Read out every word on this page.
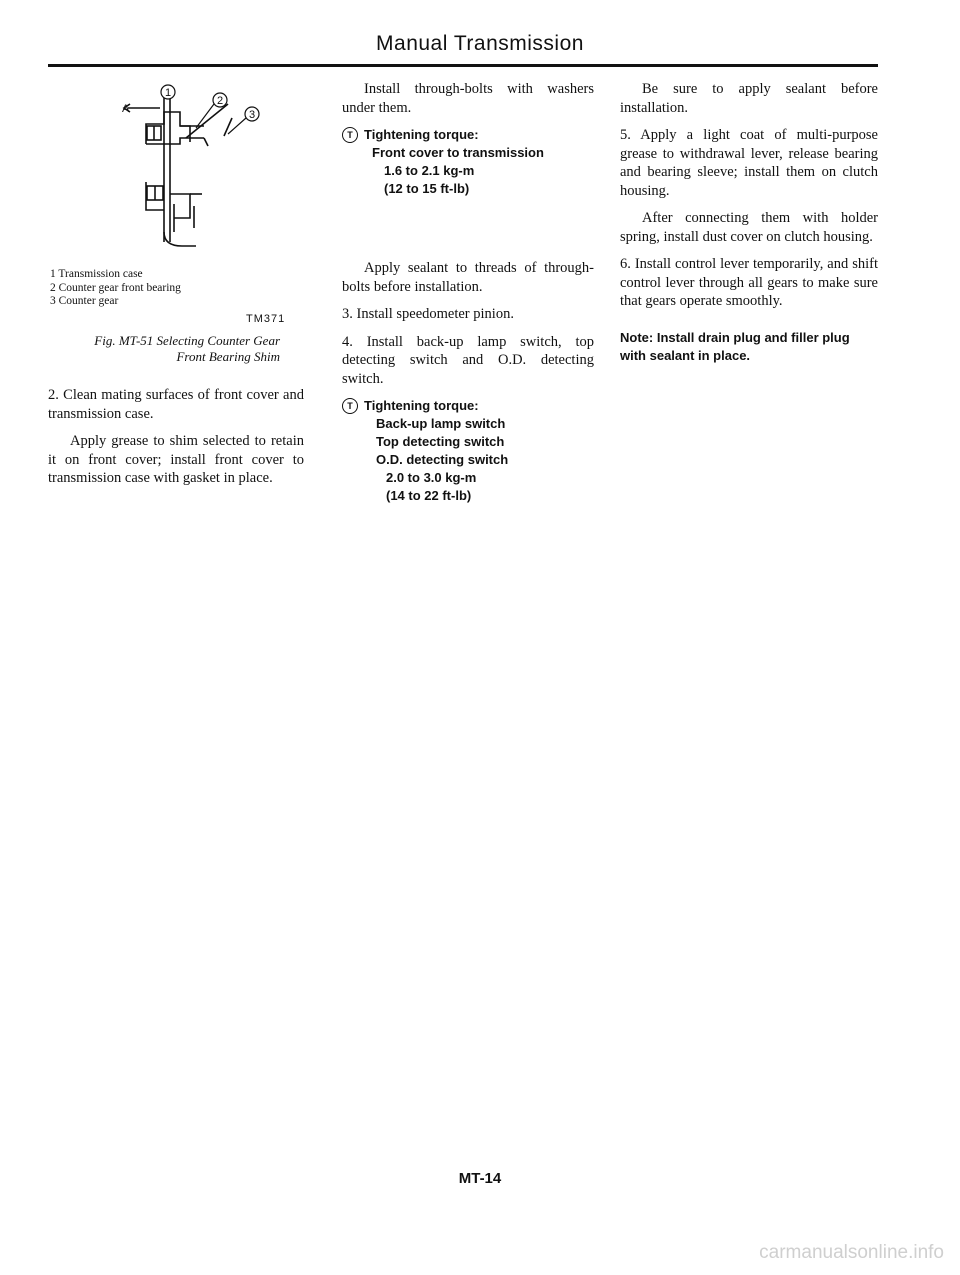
Manual Transmission
1
2
3
A
1 Transmission case
2 Counter gear front bearing
3 Counter gear
TM371
Fig. MT-51 Selecting Counter Gear
Front Bearing Shim

2. Clean mating surfaces of front cover and transmission case.

Apply grease to shim selected to retain it on front cover; install front cover to transmission case with gasket in place.

Install through-bolts with washers under them.

T Tightening torque:
Front cover to transmission
1.6 to 2.1 kg-m
(12 to 15 ft-lb)

Apply sealant to threads of through-bolts before installation.

3. Install speedometer pinion.

4. Install back-up lamp switch, top detecting switch and O.D. detecting switch.

T Tightening torque:
Back-up lamp switch
Top detecting switch
O.D. detecting switch
2.0 to 3.0 kg-m
(14 to 22 ft-lb)

Be sure to apply sealant before installation.

5. Apply a light coat of multi-purpose grease to withdrawal lever, release bearing and bearing sleeve; install them on clutch housing.

After connecting them with holder spring, install dust cover on clutch housing.

6. Install control lever temporarily, and shift control lever through all gears to make sure that gears operate smoothly.

Note: Install drain plug and filler plug with sealant in place.

MT-14
carmanualsonline.info
